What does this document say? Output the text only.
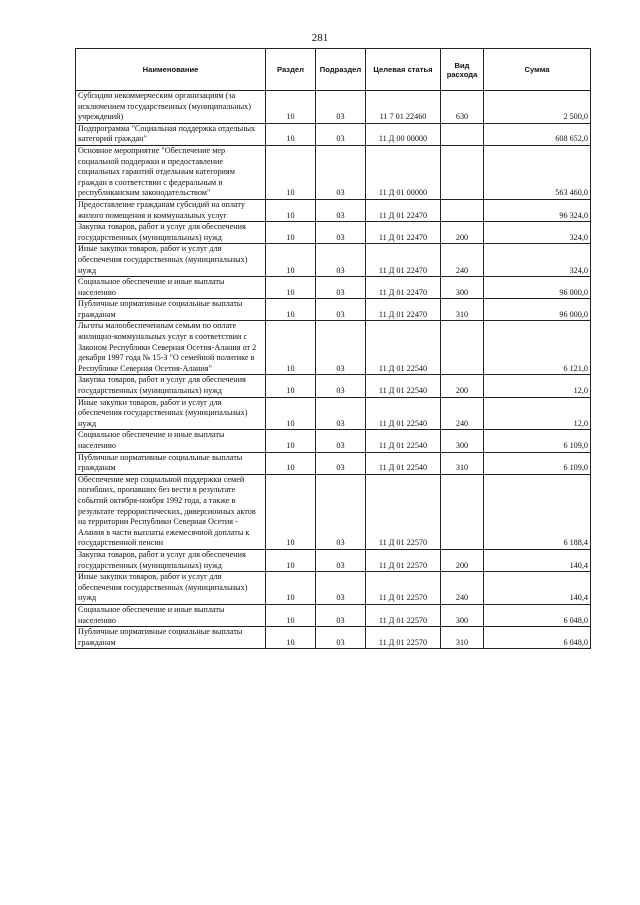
281
Наименование	Раздел	Подраздел	Целевая статья	Вид расхода	Сумма
Субсидии некоммерческим организациям (за исключением государственных (муниципальных) учреждений)	10	03	11 7 01 22460	630	2 500,0
Подпрограмма "Социальная поддержка отдельных категорий граждан"	10	03	11 Д 00 00000		608 652,0
Основное мероприятие "Обеспечение мер социальной поддержки и предоставление социальных гарантий отдельным категориям граждан в соответствии с федеральным и республиканским законодательством"	10	03	11 Д 01 00000		563 460,0
Предоставление гражданам субсидий на оплату жилого помещения и коммунальных услуг	10	03	11 Д 01 22470		96 324,0
Закупка товаров, работ и услуг для обеспечения государственных (муниципальных) нужд	10	03	11 Д 01 22470	200	324,0
Иные закупки товаров, работ и услуг для обеспечения государственных (муниципальных) нужд	10	03	11 Д 01 22470	240	324,0
Социальное обеспечение и иные выплаты населению	10	03	11 Д 01 22470	300	96 000,0
Публичные нормативные социальные выплаты гражданам	10	03	11 Д 01 22470	310	96 000,0
Льготы малообеспеченным семьям по оплате жилищно-коммунальных услуг в соответствии с Законом Республики Северная Осетия-Алания от 2 декабря 1997 года № 15-З "О семейной политике в Республике Северная Осетия-Алания"	10	03	11 Д 01 22540		6 121,0
Закупка товаров, работ и услуг для обеспечения государственных (муниципальных) нужд	10	03	11 Д 01 22540	200	12,0
Иные закупки товаров, работ и услуг для обеспечения государственных (муниципальных) нужд	10	03	11 Д 01 22540	240	12,0
Социальное обеспечение и иные выплаты населению	10	03	11 Д 01 22540	300	6 109,0
Публичные нормативные социальные выплаты гражданам	10	03	11 Д 01 22540	310	6 109,0
Обеспечение мер социальной поддержки семей погибших, пропавших без вести в результате событий октября-ноября 1992 года, а также в результате террористических, диверсионных актов на территории Республики Северная Осетия - Алания в части выплаты ежемесячной доплаты к государственной пенсии	10	03	11 Д 01 22570		6 188,4
Закупка товаров, работ и услуг для обеспечения государственных (муниципальных) нужд	10	03	11 Д 01 22570	200	140,4
Иные закупки товаров, работ и услуг для обеспечения государственных (муниципальных) нужд	10	03	11 Д 01 22570	240	140,4
Социальное обеспечение и иные выплаты населению	10	03	11 Д 01 22570	300	6 048,0
Публичные нормативные социальные выплаты гражданам	10	03	11 Д 01 22570	310	6 048,0
